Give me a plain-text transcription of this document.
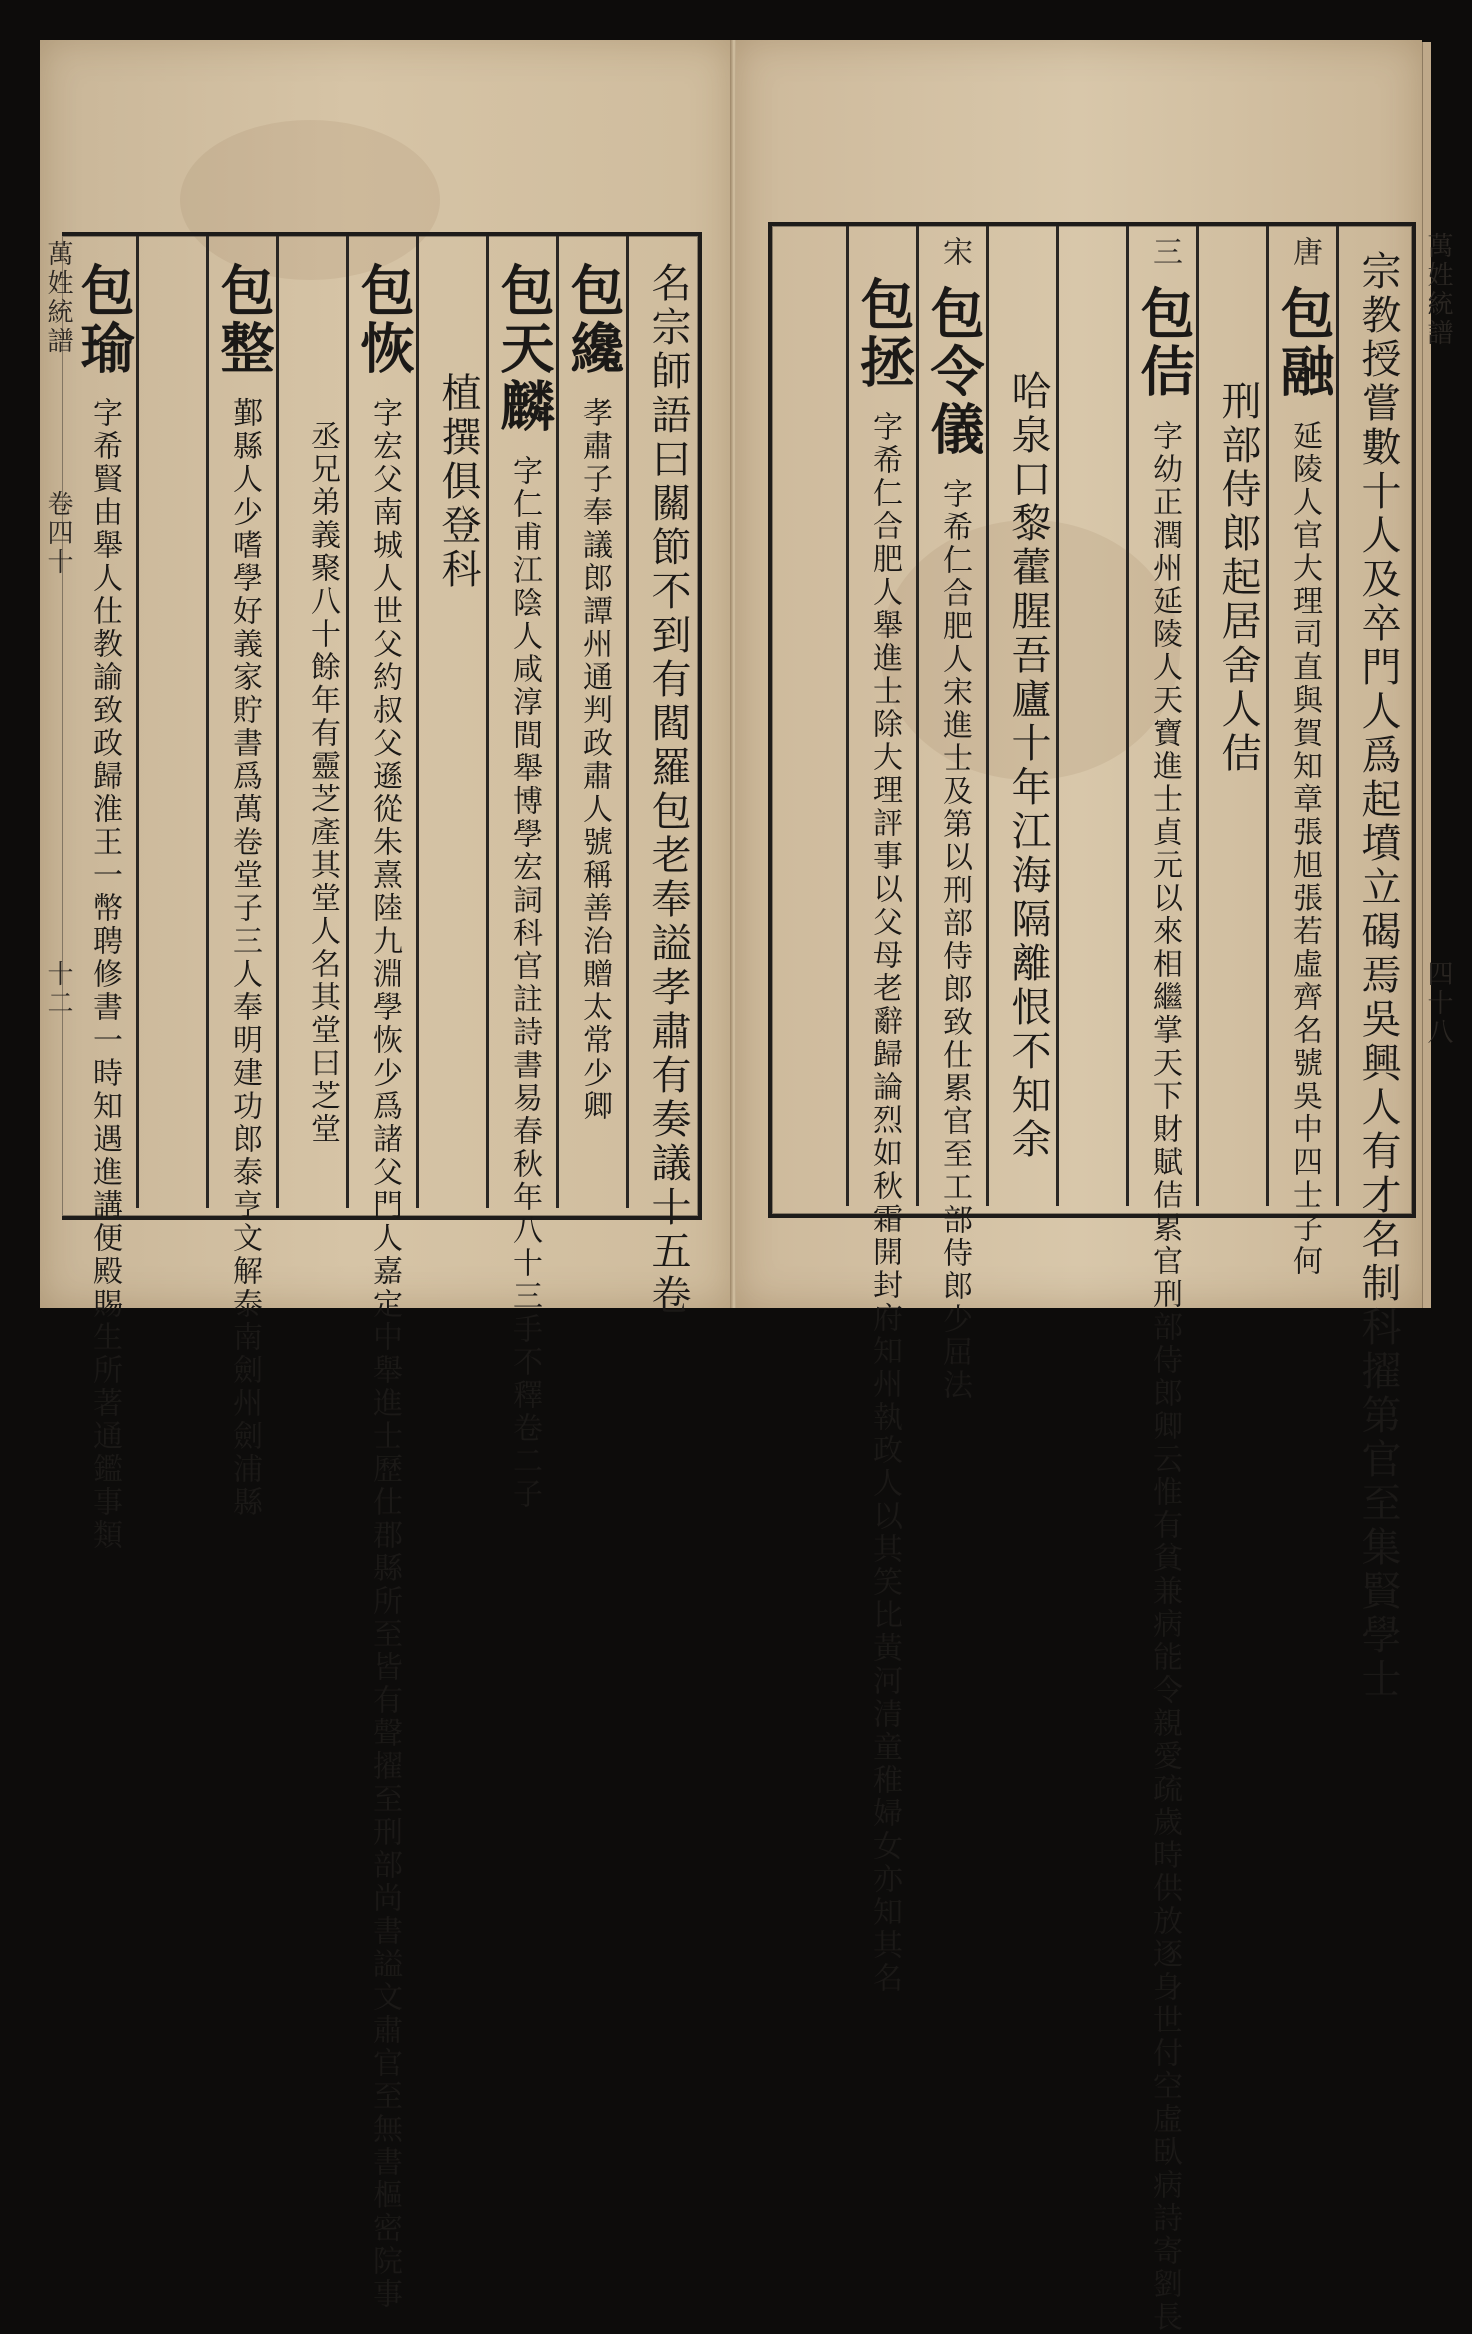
萬姓統譜
卷四十
十二	名宗師語曰關節不到有閻羅包老奉謚孝肅有奏議十五卷
包纔 孝肅子奉議郎譚州通判政肅人號稱善治贈太常少卿
包天麟 字仁甫江陰人咸淳間舉博學宏詞科官註詩書易春秋年八十三手不釋卷二子
植撰俱登科
包恢 字宏父南城人世父約叔父遜從朱熹陸九淵學恢少爲諸父門人嘉定中舉進士歷仕郡縣所至皆有聲擢至刑部尚書謚文肅官至無書樞密院事
包整 鄞縣人少嗜學好義家貯書爲萬卷堂子三人奉明建功郎泰亨文解泰南劍州劍浦縣	丞兄弟義聚八十餘年有靈芝產其堂人名其堂曰芝堂
包瑜 字希賢由舉人仕教諭致政歸淮王一幣聘修書一時知遇進講便殿賜生所著通鑑事類
萬姓統譜
四十八
宗教授嘗數十人及卒門人爲起墳立碣焉吳興人有才名制科擢第官至集賢學士
唐 包融 延陵人官大理司直與賀知章張旭張若虛齊名號吳中四士子何
刑部侍郎起居舍人佶
三 包佶 字幼正潤州延陵人天寶進士貞元以來相繼掌天下財賦佶累官刑部侍郎卿云惟有貧兼病能令親愛疏歲時供放逐身世付空虛臥病詩寄劉長
哈泉口黎藿腥吾廬十年江海隔離恨不知余
宋 包令儀 字希仁合肥人宋進士及第以刑部侍郎致仕累官至工部侍郎少屈法
包拯 字希仁合肥人舉進士除大理評事以父母老辭歸論烈如秋霜開封府知州執政人以其笑比黃河清童稚婦女亦知其名
